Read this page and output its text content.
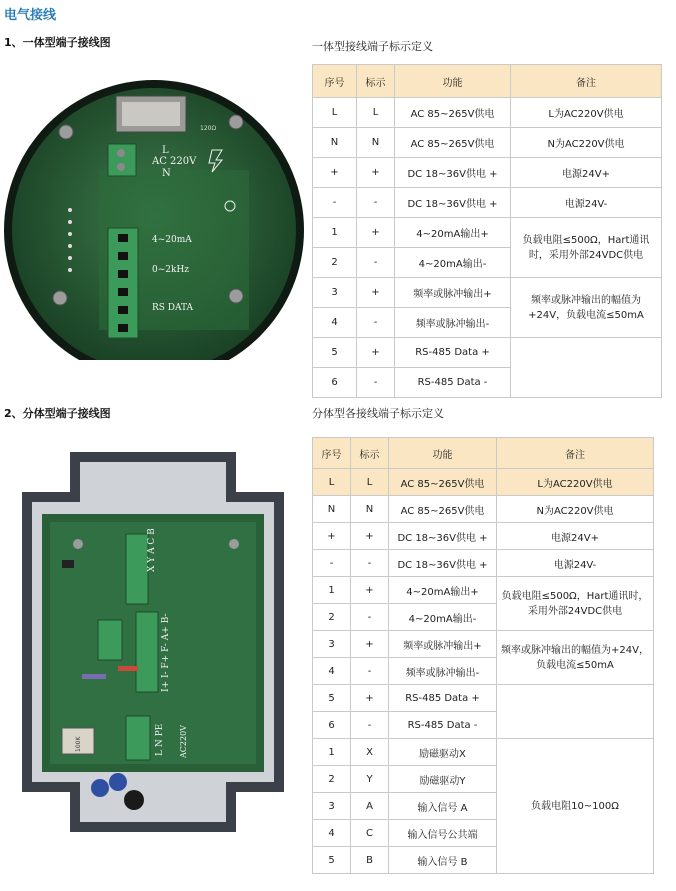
电气接线
1、一体型端子接线图	一体型接线端子标示定义
120Ω
L
AC 220V
N
4~20mA
0~2kHz
RS DATA
序号	标示	功能	备注
L	L	AC 85~265V供电	L为AC220V供电
N	N	AC 85~265V供电	N为AC220V供电
+	+	DC 18~36V供电 +	电源24V+
-	-	DC 18~36V供电 +	电源24V-
1	+	4~20mA输出+	负载电阻≤500Ω，Hart通讯时，采用外部24VDC供电
2	-	4~20mA输出-	
3	+	频率或脉冲输出+	频率或脉冲输出的幅值为+24V，负载电流≤50mA
4	-	频率或脉冲输出-	
5	+	RS-485 Data +	
6	-	RS-485 Data -	
2、分体型端子接线图	分体型各接线端子标示定义
X Y A C B
I+ I- F+ F- A+ B-
L N PE AC220V
100K
序号	标示	功能	备注
L	L	AC 85~265V供电	L为AC220V供电
N	N	AC 85~265V供电	N为AC220V供电
+	+	DC 18~36V供电 +	电源24V+
-	-	DC 18~36V供电 +	电源24V-
1	+	4~20mA输出+	负载电阻≤500Ω，Hart通讯时，采用外部24VDC供电
2	-	4~20mA输出-	
3	+	频率或脉冲输出+	频率或脉冲输出的幅值为+24V，负载电流≤50mA
4	-	频率或脉冲输出-	
5	+	RS-485 Data +	
6	-	RS-485 Data -	
1	X	励磁驱动X	负载电阻10~100Ω
2	Y	励磁驱动Y	
3	A	输入信号 A	
4	C	输入信号公共端	
5	B	输入信号 B	
